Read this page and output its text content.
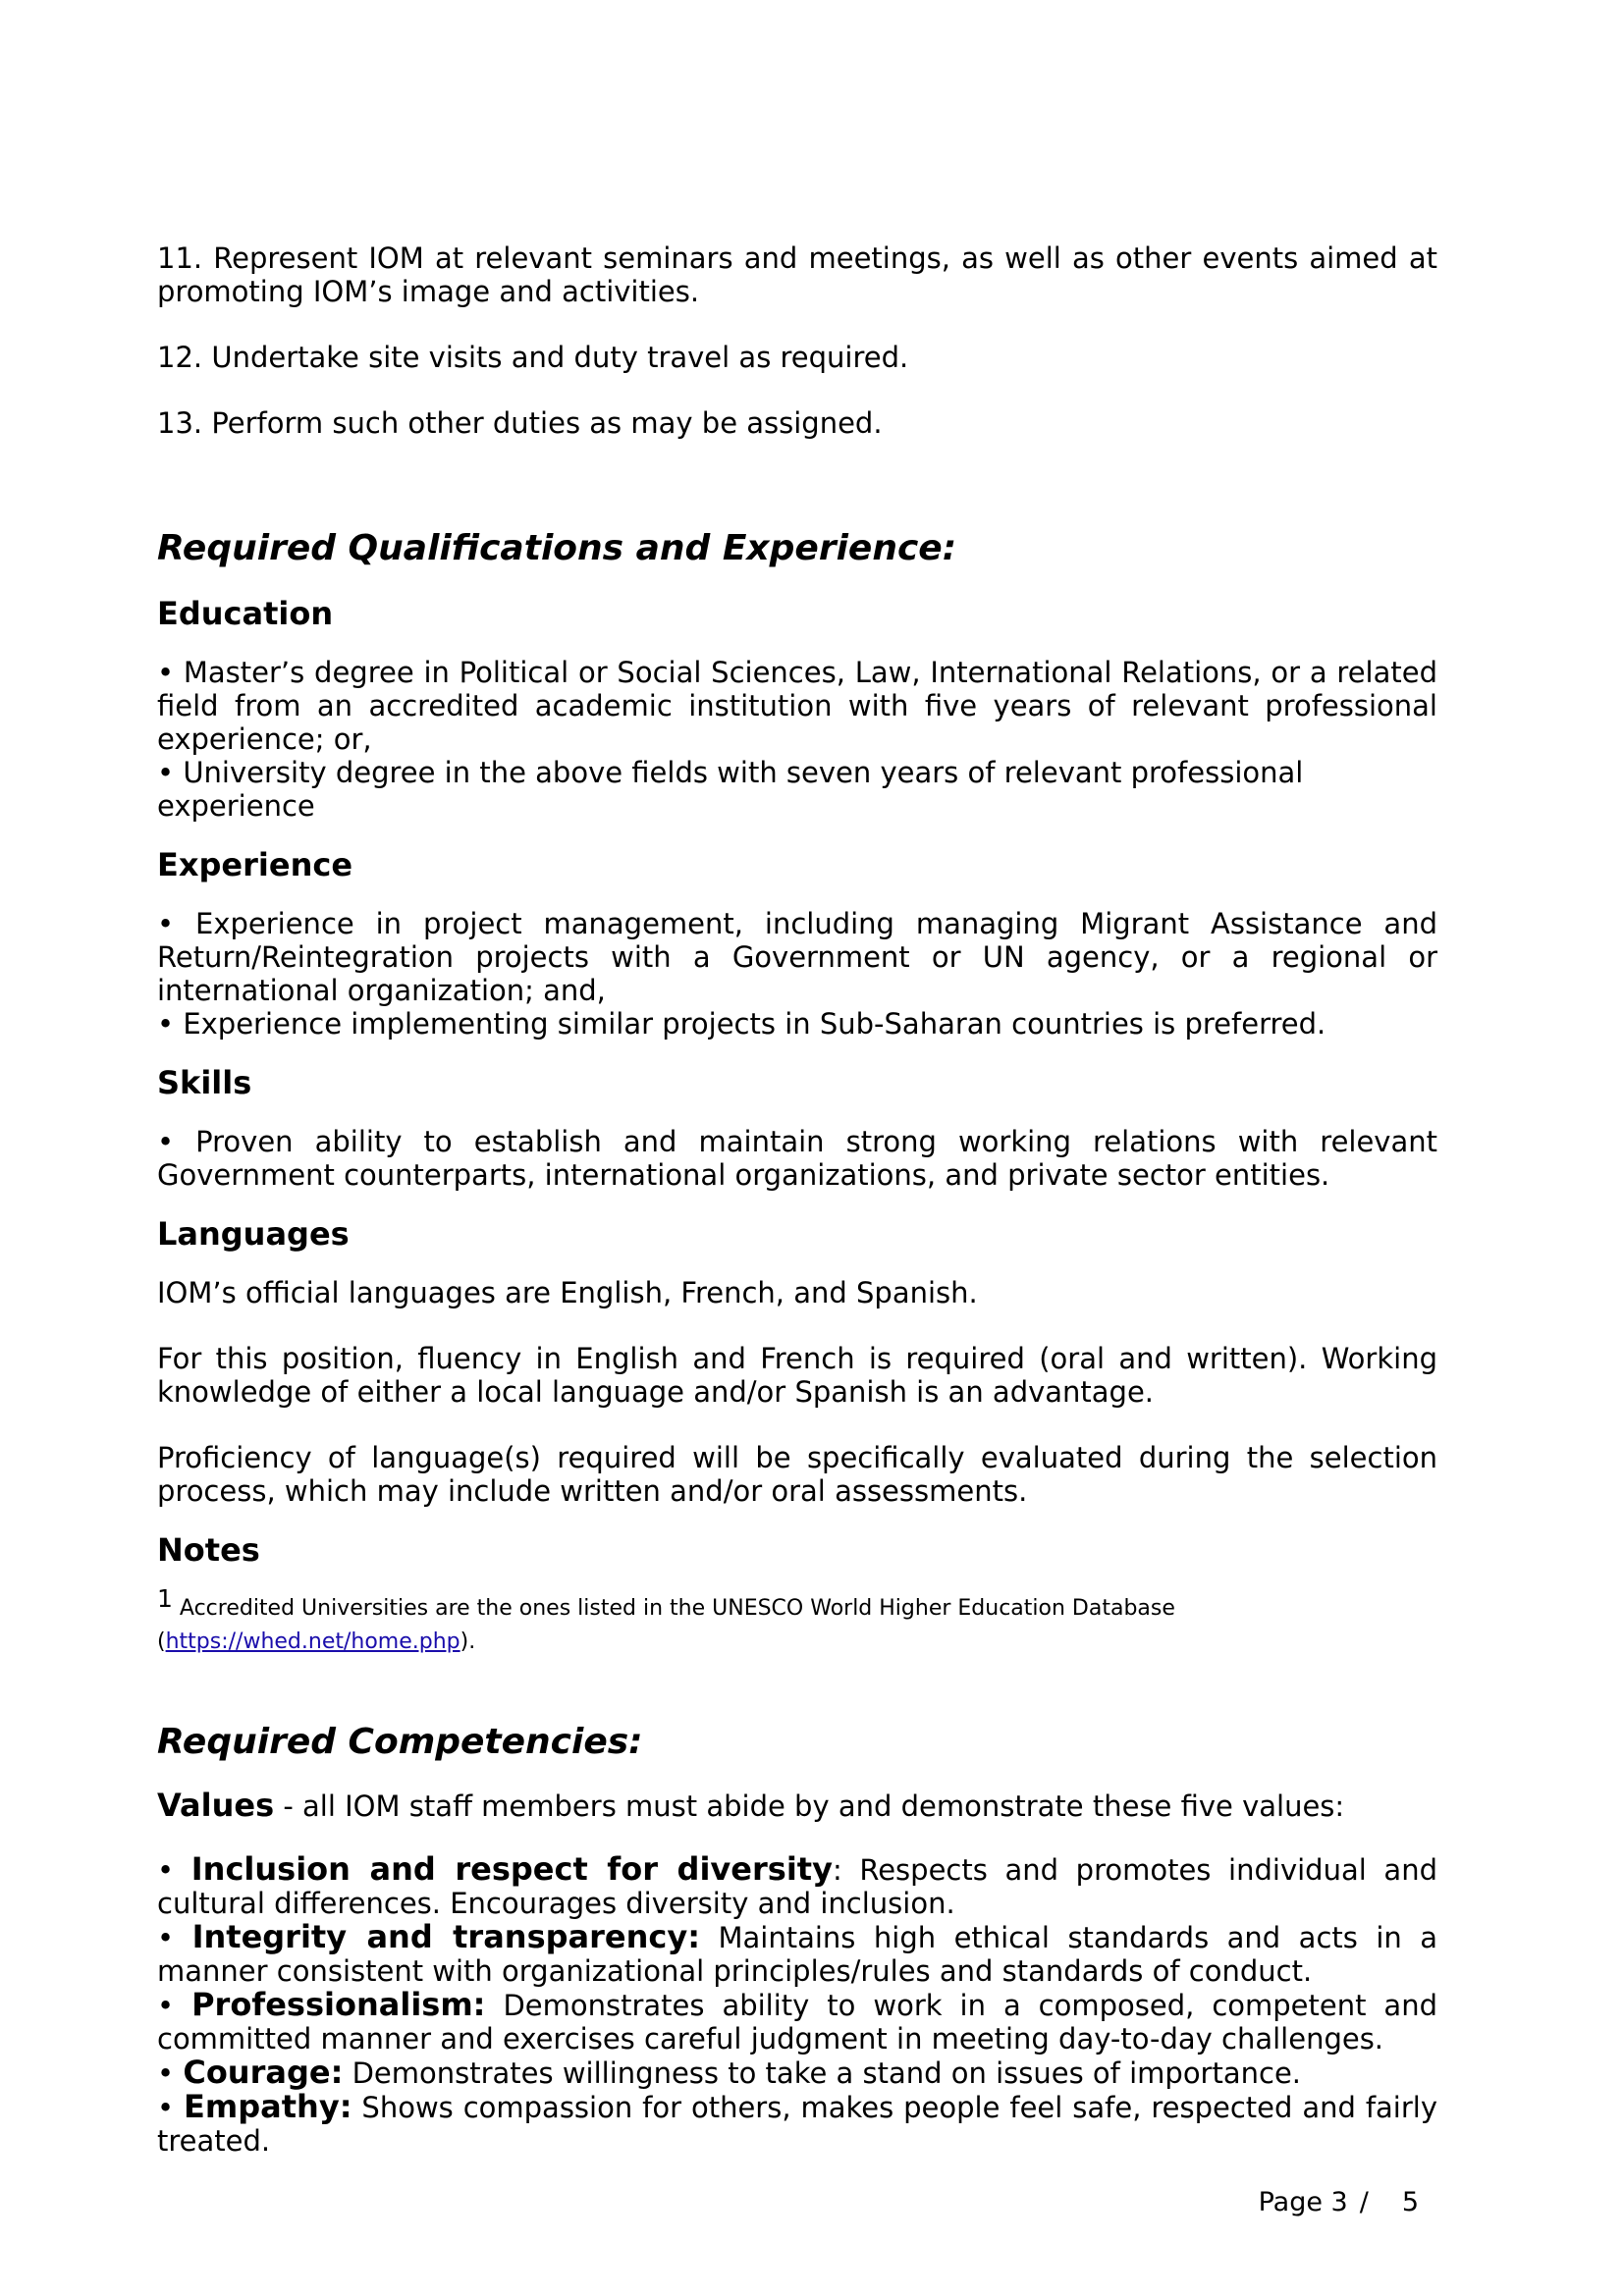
11. Represent IOM at relevant seminars and meetings, as well as other events aimed at promoting IOM’s image and activities.

12. Undertake site visits and duty travel as required.

13. Perform such other duties as may be assigned.

Required Qualifications and Experience:
Education

• Master’s degree in Political or Social Sciences, Law, International Relations, or a related field from an accredited academic institution with five years of relevant professional experience; or,

• University degree in the above fields with seven years of relevant professional experience

Experience

• Experience in project management, including managing Migrant Assistance and Return/Reintegration projects with a Government or UN agency, or a regional or international organization; and,

• Experience implementing similar projects in Sub-Saharan countries is preferred.

Skills

• Proven ability to establish and maintain strong working relations with relevant Government counterparts, international organizations, and private sector entities.

Languages

IOM’s official languages are English, French, and Spanish.

For this position, fluency in English and French is required (oral and written). Working knowledge of either a local language and/or Spanish is an advantage.

Proficiency of language(s) required will be specifically evaluated during the selection process, which may include written and/or oral assessments.

Notes
$^1$ Accredited Universities are the ones listed in the UNESCO World Higher Education Database
(https://whed.net/home.php).
Required Competencies:

Values - all IOM staff members must abide by and demonstrate these five values:

• Inclusion and respect for diversity: Respects and promotes individual and cultural differences. Encourages diversity and inclusion.

• Integrity and transparency: Maintains high ethical standards and acts in a manner consistent with organizational principles/rules and standards of conduct.

• Professionalism: Demonstrates ability to work in a composed, competent and committed manner and exercises careful judgment in meeting day-to-day challenges.

• Courage: Demonstrates willingness to take a stand on issues of importance.

• Empathy: Shows compassion for others, makes people feel safe, respected and fairly treated.

Page 3 / 5
